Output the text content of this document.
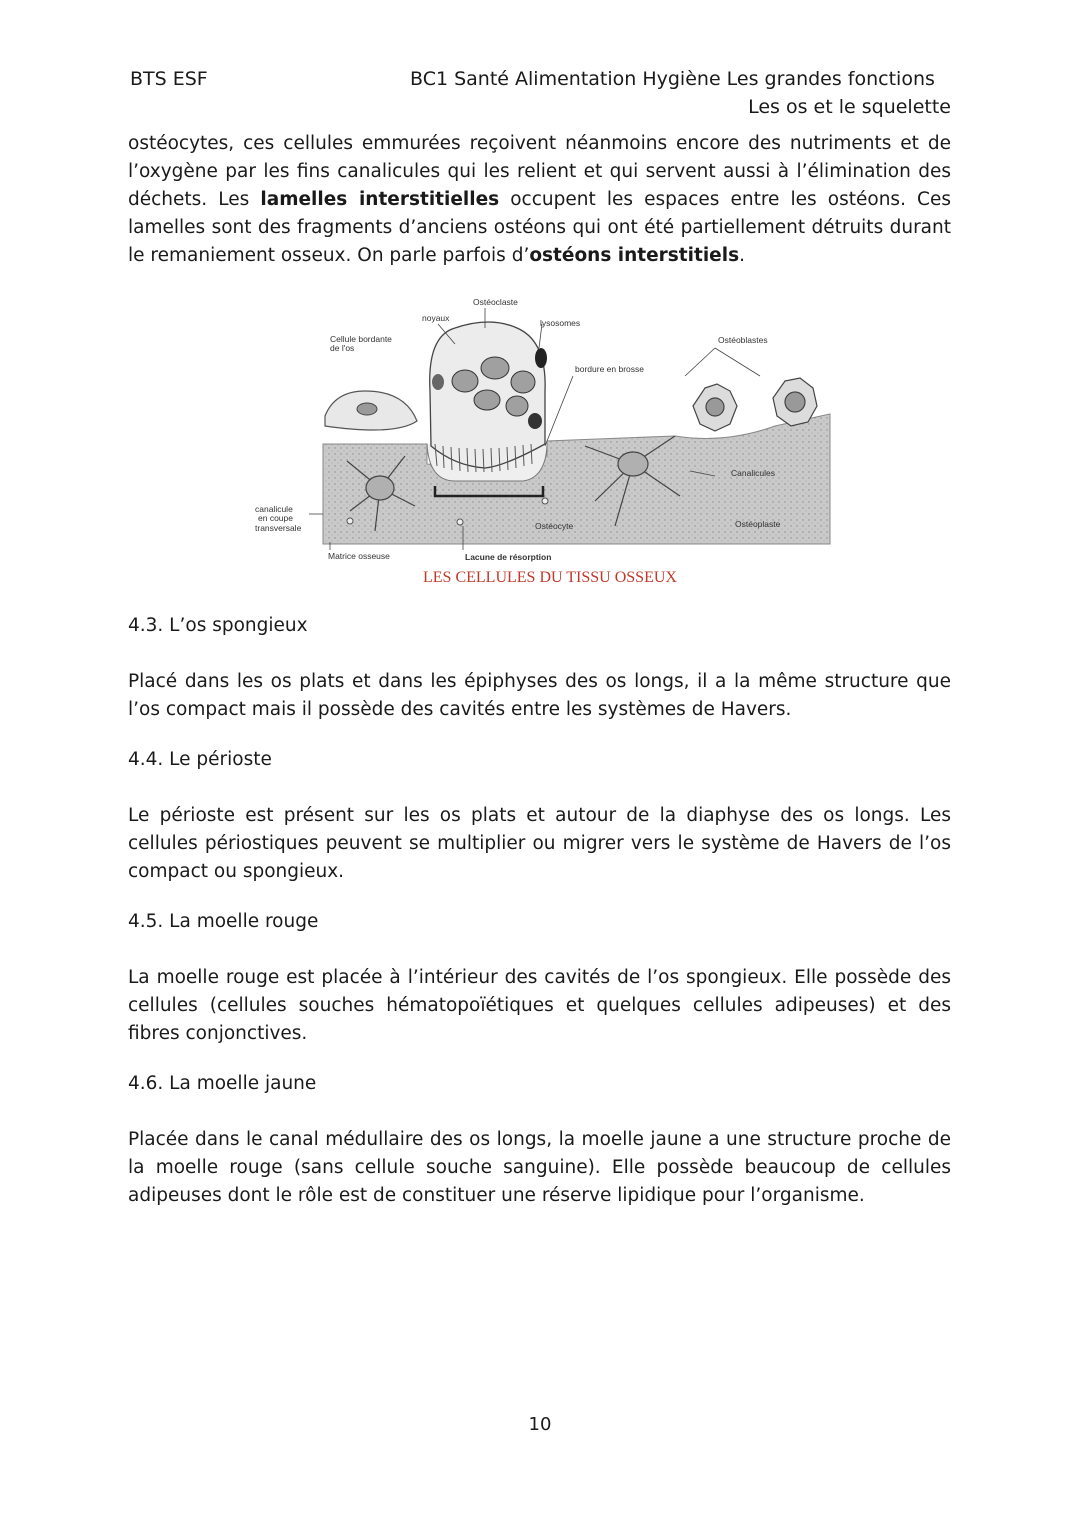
BTS ESF	BC1 Santé Alimentation Hygiène Les grandes fonctions
Les os et le squelette

ostéocytes, ces cellules emmurées reçoivent néanmoins encore des nutriments et de l’oxygène par les fins canalicules qui les relient et qui servent aussi à l’élimination des déchets. Les lamelles interstitielles occupent les espaces entre les ostéons. Ces lamelles sont des fragments d’anciens ostéons qui ont été partiellement détruits durant le remaniement osseux. On parle parfois d’ostéons interstitiels.

Ostéoclaste
noyaux	lysosomes
Cellule bordante
de l'os
bordure en brosse
Ostéoblastes
Canalicules
canalicule
en coupe
transversale	Ostéocyte	Ostéoplaste
Matrice osseuse	Lacune de résorption
LES CELLULES DU TISSU OSSEUX
4.3. L’os spongieux

Placé dans les os plats et dans les épiphyses des os longs, il a la même structure que l’os compact mais il possède des cavités entre les systèmes de Havers.

4.4. Le périoste

Le périoste est présent sur les os plats et autour de la diaphyse des os longs. Les cellules périostiques peuvent se multiplier ou migrer vers le système de Havers de l’os compact ou spongieux.

4.5. La moelle rouge

La moelle rouge est placée à l’intérieur des cavités de l’os spongieux. Elle possède des cellules (cellules souches hématopoïétiques et quelques cellules adipeuses) et des fibres conjonctives.

4.6. La moelle jaune

Placée dans le canal médullaire des os longs, la moelle jaune a une structure proche de la moelle rouge (sans cellule souche sanguine). Elle possède beaucoup de cellules adipeuses dont le rôle est de constituer une réserve lipidique pour l’organisme.

10
